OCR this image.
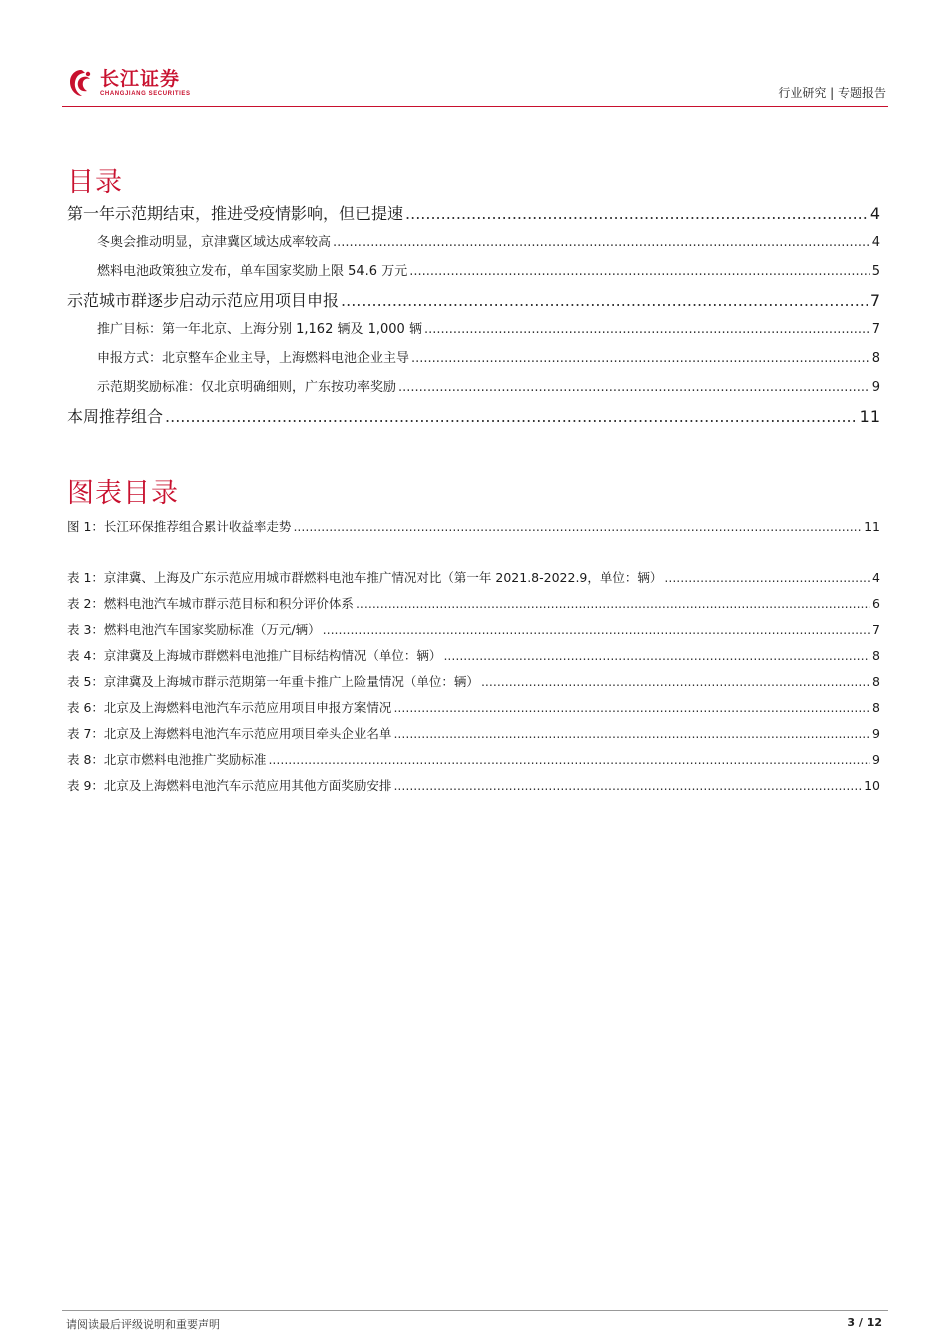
长江证券
CHANGJIANG SECURITIES	行业研究 | 专题报告
目录
第一年示范期结束，推进受疫情影响，但已提速 .....	4
冬奥会推动明显，京津冀区域达成率较高 .....	4
燃料电池政策独立发布，单车国家奖励上限 54.6 万元 .....	5
示范城市群逐步启动示范应用项目申报 .....	7
推广目标：第一年北京、上海分别 1,162 辆及 1,000 辆 .....	7
申报方式：北京整车企业主导，上海燃料电池企业主导 .....	8
示范期奖励标准：仅北京明确细则，广东按功率奖励 .....	9
本周推荐组合 .....	11
图表目录
图 1：长江环保推荐组合累计收益率走势 .....	11
表 1：京津冀、上海及广东示范应用城市群燃料电池车推广情况对比（第一年 2021.8-2022.9，单位：辆） .....	4
表 2：燃料电池汽车城市群示范目标和积分评价体系 .....	6
表 3：燃料电池汽车国家奖励标准（万元/辆） .....	7
表 4：京津冀及上海城市群燃料电池推广目标结构情况（单位：辆） .....	8
表 5：京津冀及上海城市群示范期第一年重卡推广上险量情况（单位：辆） .....	8
表 6：北京及上海燃料电池汽车示范应用项目申报方案情况 .....	8
表 7：北京及上海燃料电池汽车示范应用项目牵头企业名单 .....	9
表 8：北京市燃料电池推广奖励标准 .....	9
表 9：北京及上海燃料电池汽车示范应用其他方面奖励安排 .....	10
请阅读最后评级说明和重要声明	3 / 12
